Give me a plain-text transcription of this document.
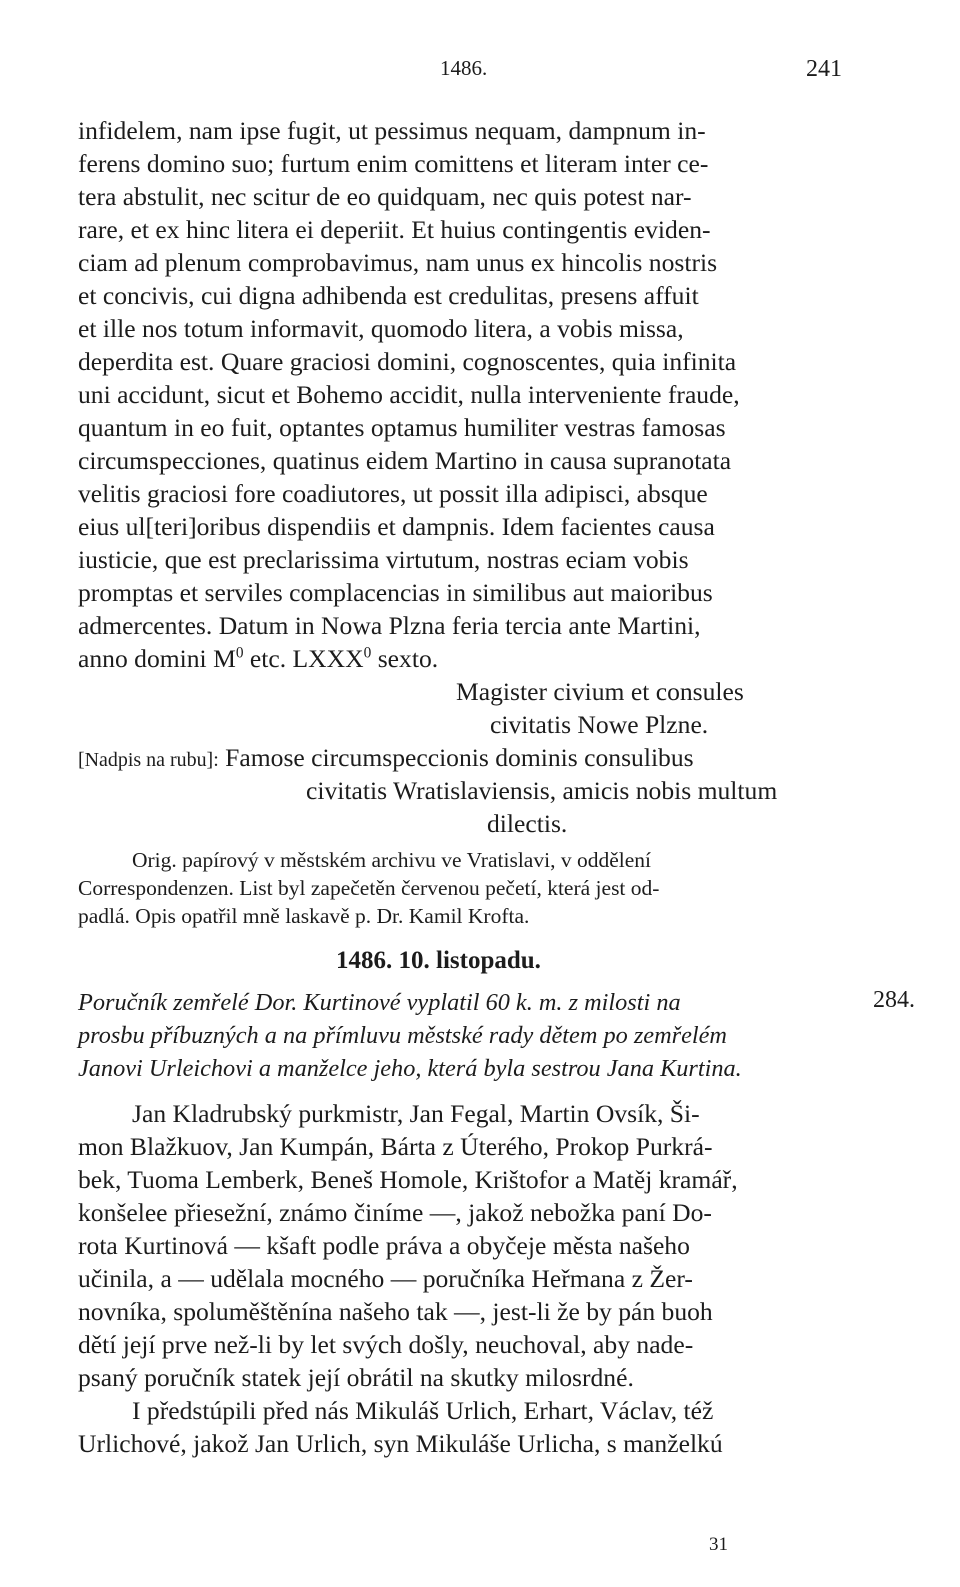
1486.	241
infidelem, nam ipse fugit, ut pessimus nequam, dampnum in-
ferens domino suo; furtum enim comittens et literam inter ce-
tera abstulit, nec scitur de eo quidquam, nec quis potest nar-
rare, et ex hinc litera ei deperiit. Et huius contingentis eviden-
ciam ad plenum comprobavimus, nam unus ex hincolis nostris
et concivis, cui digna adhibenda est credulitas, presens affuit
et ille nos totum informavit, quomodo litera, a vobis missa,
deperdita est. Quare graciosi domini, cognoscentes, quia infinita
uni accidunt, sicut et Bohemo accidit, nulla interveniente fraude,
quantum in eo fuit, optantes optamus humiliter vestras famosas
circumspecciones, quatinus eidem Martino in causa supranotata
velitis graciosi fore coadiutores, ut possit illa adipisci, absque
eius ul[teri]oribus dispendiis et dampnis. Idem facientes causa
iusticie, que est preclarissima virtutum, nostras eciam vobis
promptas et serviles complacencias in similibus aut maioribus
admercentes. Datum in Nowa Plzna feria tercia ante Martini,
anno domini $M^0$ etc. LXXX$^0$ sexto.
Magister civium et consules
civitatis Nowe Plzne.
[Nadpis na rubu]: Famose circumspeccionis dominis consulibus
civitatis Wratislaviensis, amicis nobis multum
dilectis.
Orig. papírový v městském archivu ve Vratislavi, v oddělení
Correspondenzen. List byl zapečetěn červenou pečetí, která jest od-
padlá. Opis opatřil mně laskavě p. Dr. Kamil Krofta.
1486. 10. listopadu.
Poručník zemřelé Dor. Kurtinové vyplatil 60 k. m. z milosti na
prosbu příbuzných a na přímluvu městské rady dětem po zemřelém
Janovi Urleichovi a manželce jeho, která byla sestrou Jana Kurtina.
Jan Kladrubský purkmistr, Jan Fegal, Martin Ovsík, Ši-
mon Blažkuov, Jan Kumpán, Bárta z Úterého, Prokop Purkrá-
bek, Tuoma Lemberk, Beneš Homole, Krištofor a Matěj kramář,
konšelee přiesežní, známo činíme —, jakož nebožka paní Do-
rota Kurtinová — kšaft podle práva a obyčeje města našeho
učinila, a — udělala mocného — poručníka Heřmana z Žer-
novníka, spoluměštěnína našeho tak —, jest-li že by pán buoh
dětí její prve než-li by let svých došly, neuchoval, aby nade-
psaný poručník statek její obrátil na skutky milosrdné.
I předstúpili před nás Mikuláš Urlich, Erhart, Václav, též
Urlichové, jakož Jan Urlich, syn Mikuláše Urlicha, s manželkú
284.
31
